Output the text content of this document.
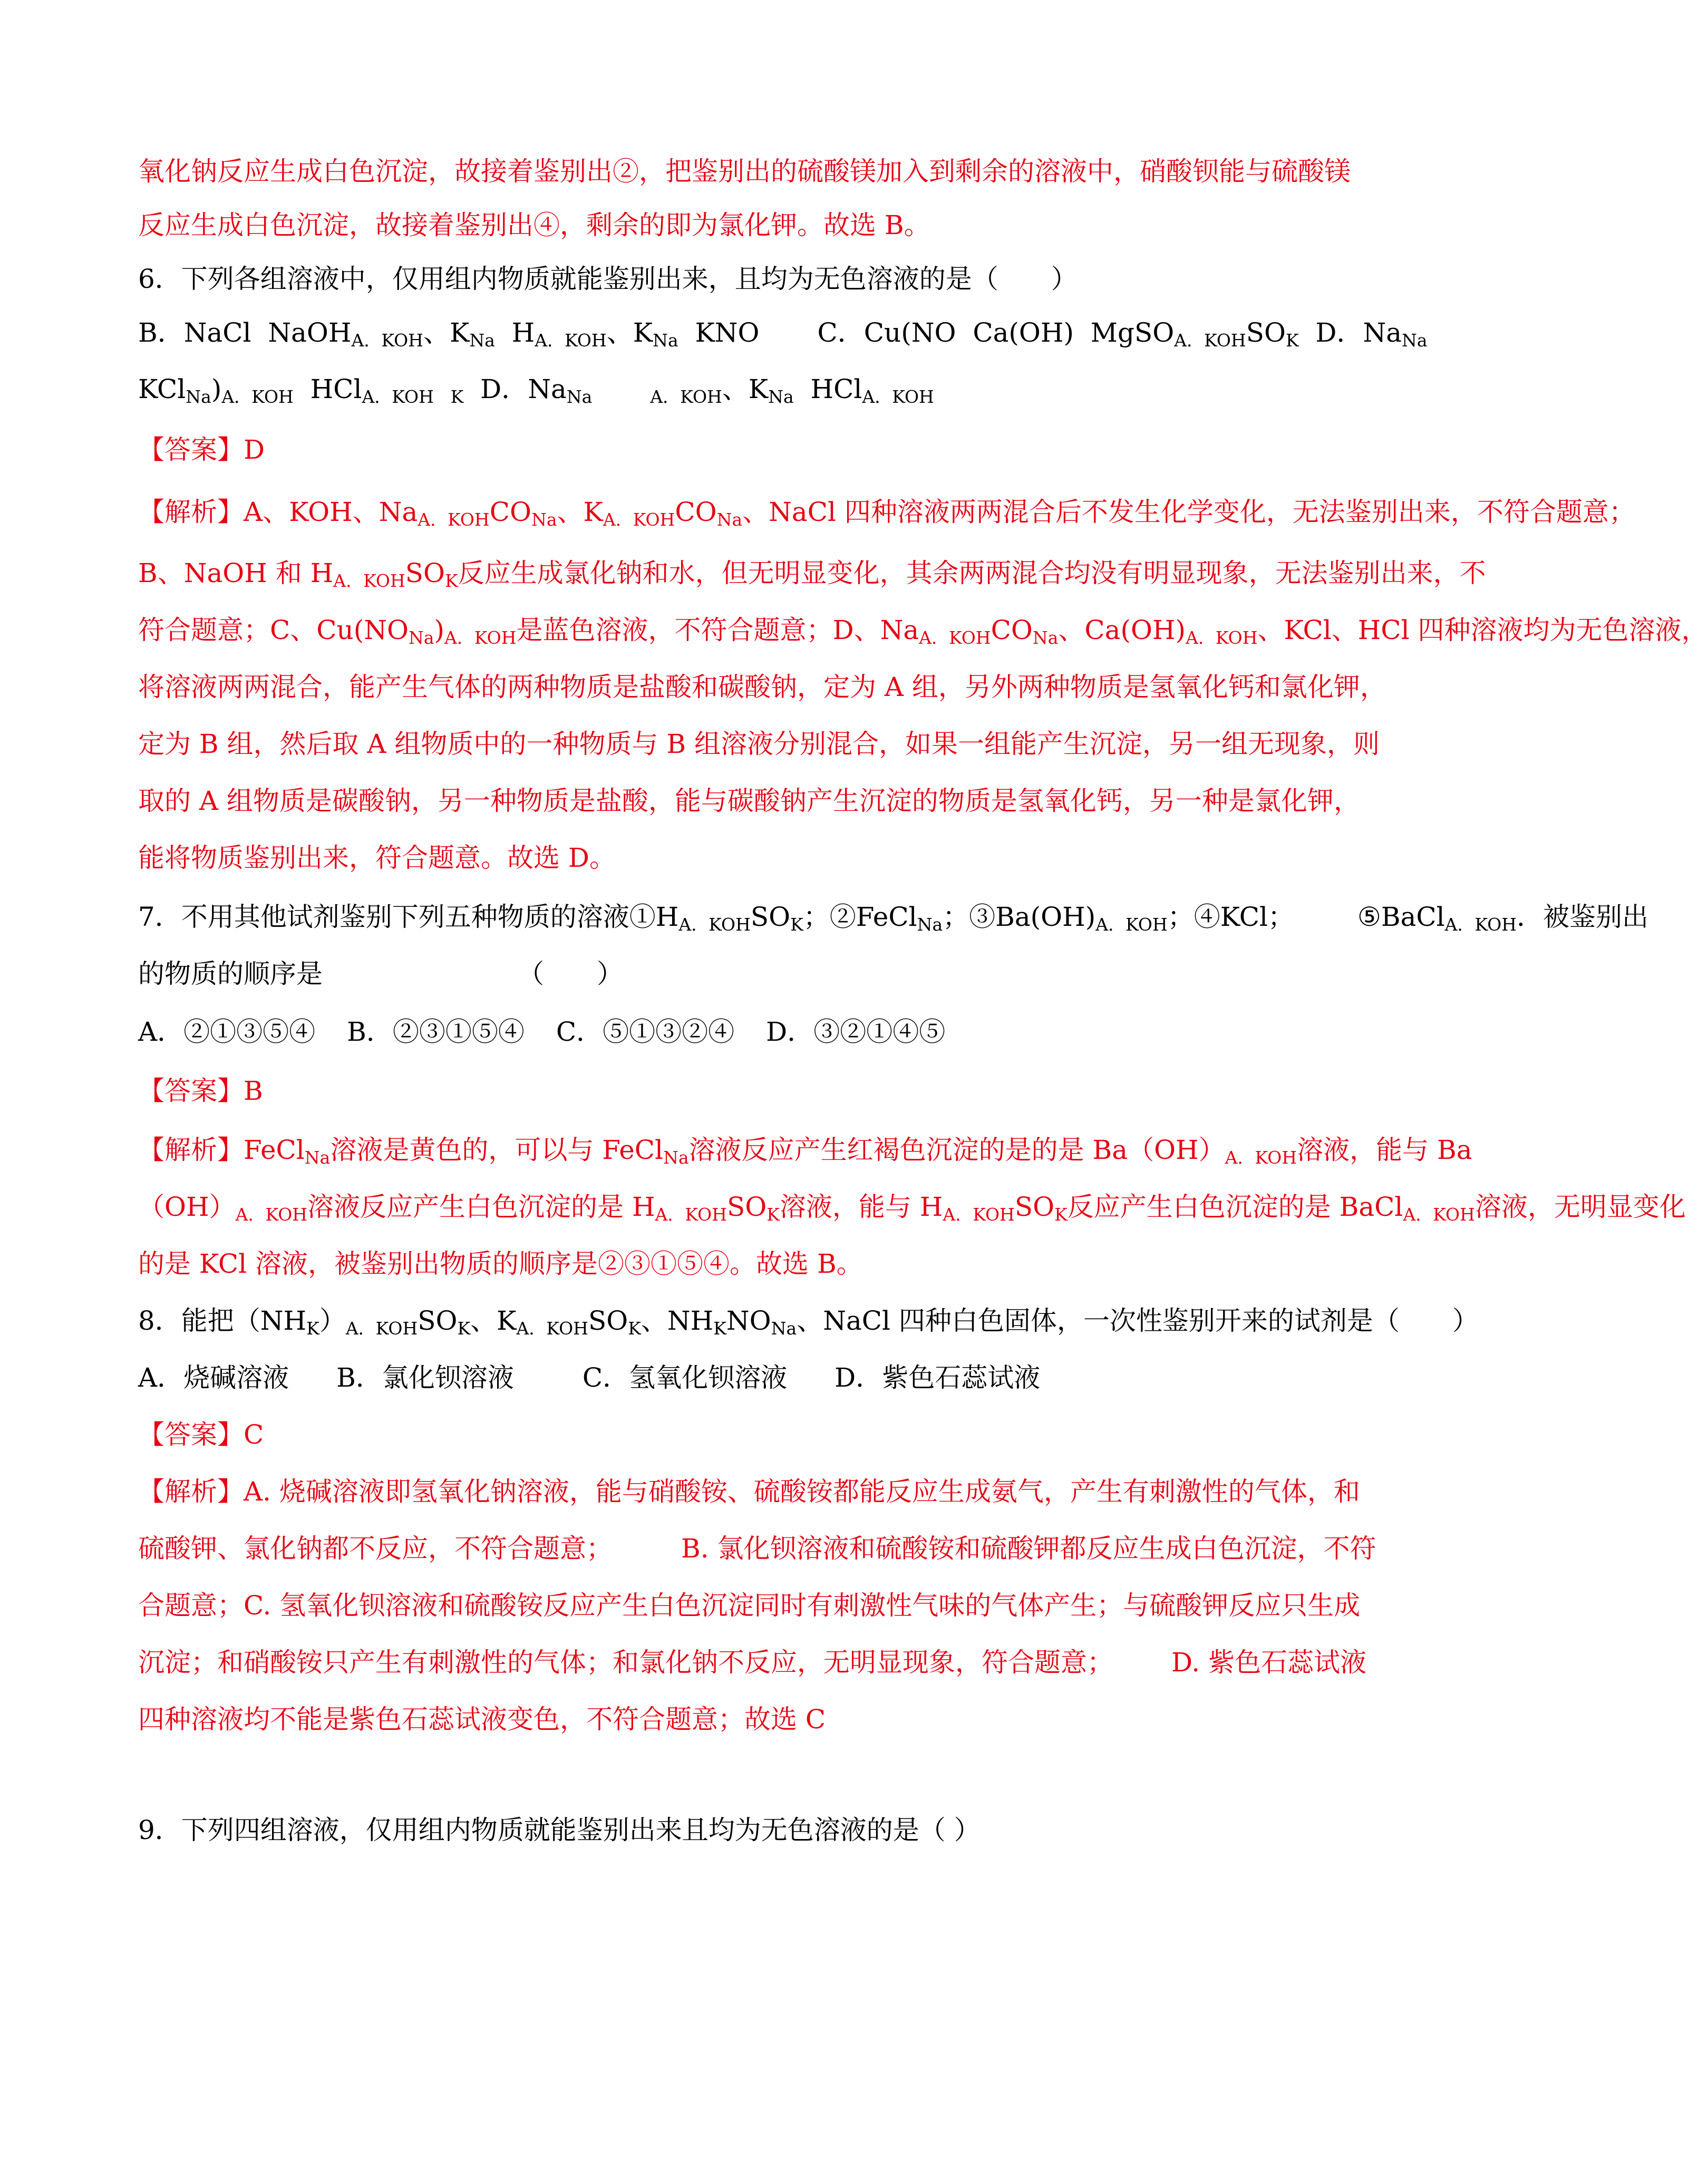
氧化钠反应生成白色沉淀，故接着鉴别出②，把鉴别出的硫酸镁加入到剩余的溶液中，硝酸钡能与硫酸镁
反应生成白色沉淀，故接着鉴别出④，剩余的即为氯化钾。故选 B。
6．下列各组溶液中，仅用组内物质就能鉴别出来，且均为无色溶液的是（　　）
B．NaCl NaOH$_{A.KOH}$、$K_{Na}$ $H_{A.KOH}$、$K_{Na}$ KNO C．Cu(NO Ca(OH) $MgSO_{A.KOH}SO_K$ D．$Na_{Na}$
$KCl_{Na})_{A.KOH}$ HCl$_{A.KOH}$ $_K$ D．$Na_{Na}$	$_{A.KOH}$、$K_{Na}$ HCl$_{A.KOH}$
【答案】D
【解析】A、KOH、$Na_{A.KOH}CO_{Na}$、$K_{A.KOH}CO_{Na}$、NaCl 四种溶液两两混合后不发生化学变化，无法鉴别出来，不符合题意；
B、NaOH 和 $H_{A.KOH}SO_K$反应生成氯化钠和水，但无明显变化，其余两两混合均没有明显现象，无法鉴别出来，不
符合题意；C、$Cu(NO_{Na})_{A.KOH}$是蓝色溶液，不符合题意；D、$Na_{A.KOH}CO_{Na}$、$Ca(OH)_{A.KOH}$、KCl、HCl 四种溶液均为无色溶液，
将溶液两两混合，能产生气体的两种物质是盐酸和碳酸钠，定为 A 组，另外两种物质是氢氧化钙和氯化钾，
定为 B 组，然后取 A 组物质中的一种物质与 B 组溶液分别混合，如果一组能产生沉淀，另一组无现象，则
取的 A 组物质是碳酸钠，另一种物质是盐酸，能与碳酸钠产生沉淀的物质是氢氧化钙，另一种是氯化钾，
能将物质鉴别出来，符合题意。故选 D。
7．不用其他试剂鉴别下列五种物质的溶液$①H_{A.KOH}SO_K$；②FeCl$_{Na}$；$③Ba(OH)_{A.KOH}$；④KCl； ⑤BaCl$_{A.KOH}$．被鉴别出
的物质的顺序是	（　　）
A．②①③⑤④ B．②③①⑤④ C．⑤①③②④ D．③②①④⑤
【答案】B
【解析】FeCl$_{Na}$溶液是黄色的，可以与 FeCl$_{Na}$溶液反应产生红褐色沉淀的是的是 $Ba(OH)_{A.KOH}$溶液，能与 Ba
$(OH)_{A.KOH}$溶液反应产生白色沉淀的是 $H_{A.KOH}SO_K$溶液，能与 $H_{A.KOH}SO_K$反应产生白色沉淀的是 BaCl$_{A.KOH}$溶液，无明显变化
的是 KCl 溶液，被鉴别出物质的顺序是②③①⑤④。故选 B。
8．能把$(NH_K)_{A.KOH}SO_K$、$K_{A.KOH}SO_K$、$NH_KNO_{Na}$、NaCl 四种白色固体，一次性鉴别开来的试剂是（　　）
A．烧碱溶液 B．氯化钡溶液	C．氢氧化钡溶液 D．紫色石蕊试液
【答案】C
【解析】A. 烧碱溶液即氢氧化钠溶液，能与硝酸铵、硫酸铵都能反应生成氨气，产生有刺激性的气体，和
硫酸钾、氯化钠都不反应，不符合题意；	B. 氯化钡溶液和硫酸铵和硫酸钾都反应生成白色沉淀，不符
合题意；C. 氢氧化钡溶液和硫酸铵反应产生白色沉淀同时有刺激性气味的气体产生；与硫酸钾反应只生成
沉淀；和硝酸铵只产生有刺激性的气体；和氯化钠不反应，无明显现象，符合题意； D. 紫色石蕊试液
四种溶液均不能是紫色石蕊试液变色，不符合题意；故选 C
9．下列四组溶液，仅用组内物质就能鉴别出来且均为无色溶液的是（ ）
